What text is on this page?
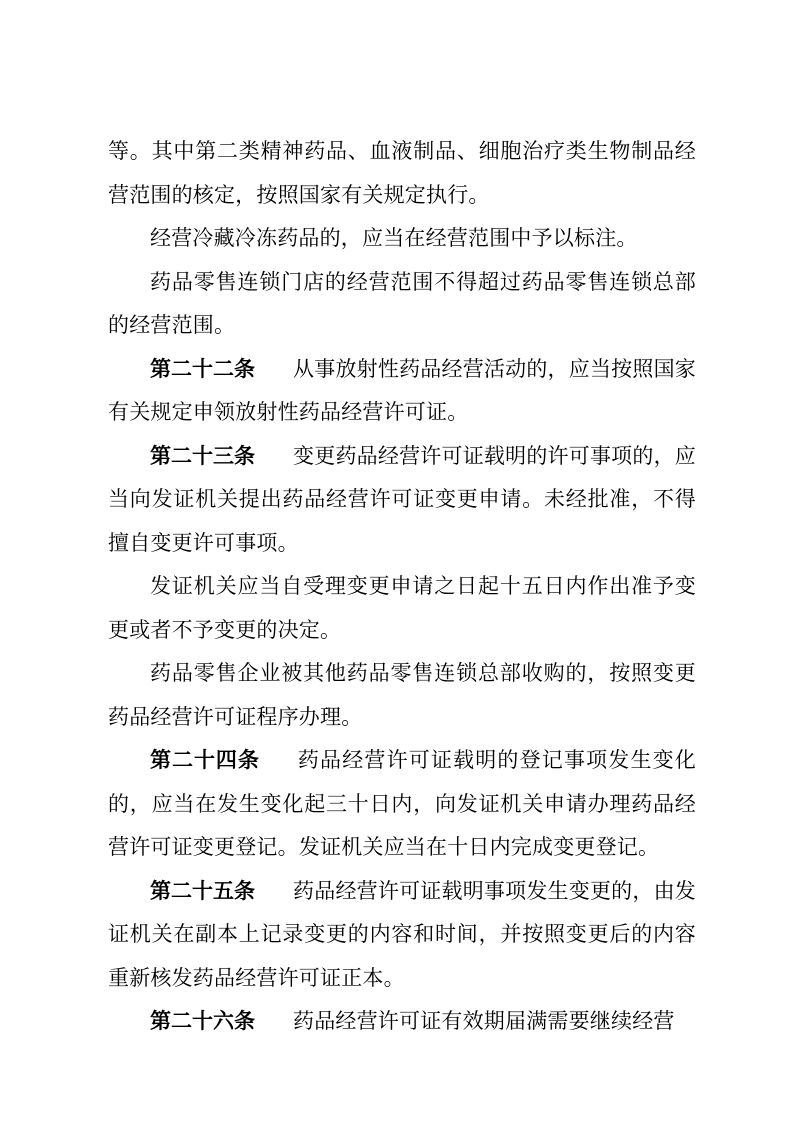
等。其中第二类精神药品、血液制品、细胞治疗类生物制品经营范围的核定，按照国家有关规定执行。

经营冷藏冷冻药品的，应当在经营范围中予以标注。

药品零售连锁门店的经营范围不得超过药品零售连锁总部的经营范围。

第二十二条 从事放射性药品经营活动的，应当按照国家有关规定申领放射性药品经营许可证。

第二十三条 变更药品经营许可证载明的许可事项的，应当向发证机关提出药品经营许可证变更申请。未经批准，不得擅自变更许可事项。

发证机关应当自受理变更申请之日起十五日内作出准予变更或者不予变更的决定。

药品零售企业被其他药品零售连锁总部收购的，按照变更药品经营许可证程序办理。

第二十四条 药品经营许可证载明的登记事项发生变化的，应当在发生变化起三十日内，向发证机关申请办理药品经营许可证变更登记。发证机关应当在十日内完成变更登记。

第二十五条 药品经营许可证载明事项发生变更的，由发证机关在副本上记录变更的内容和时间，并按照变更后的内容重新核发药品经营许可证正本。

第二十六条 药品经营许可证有效期届满需要继续经营
